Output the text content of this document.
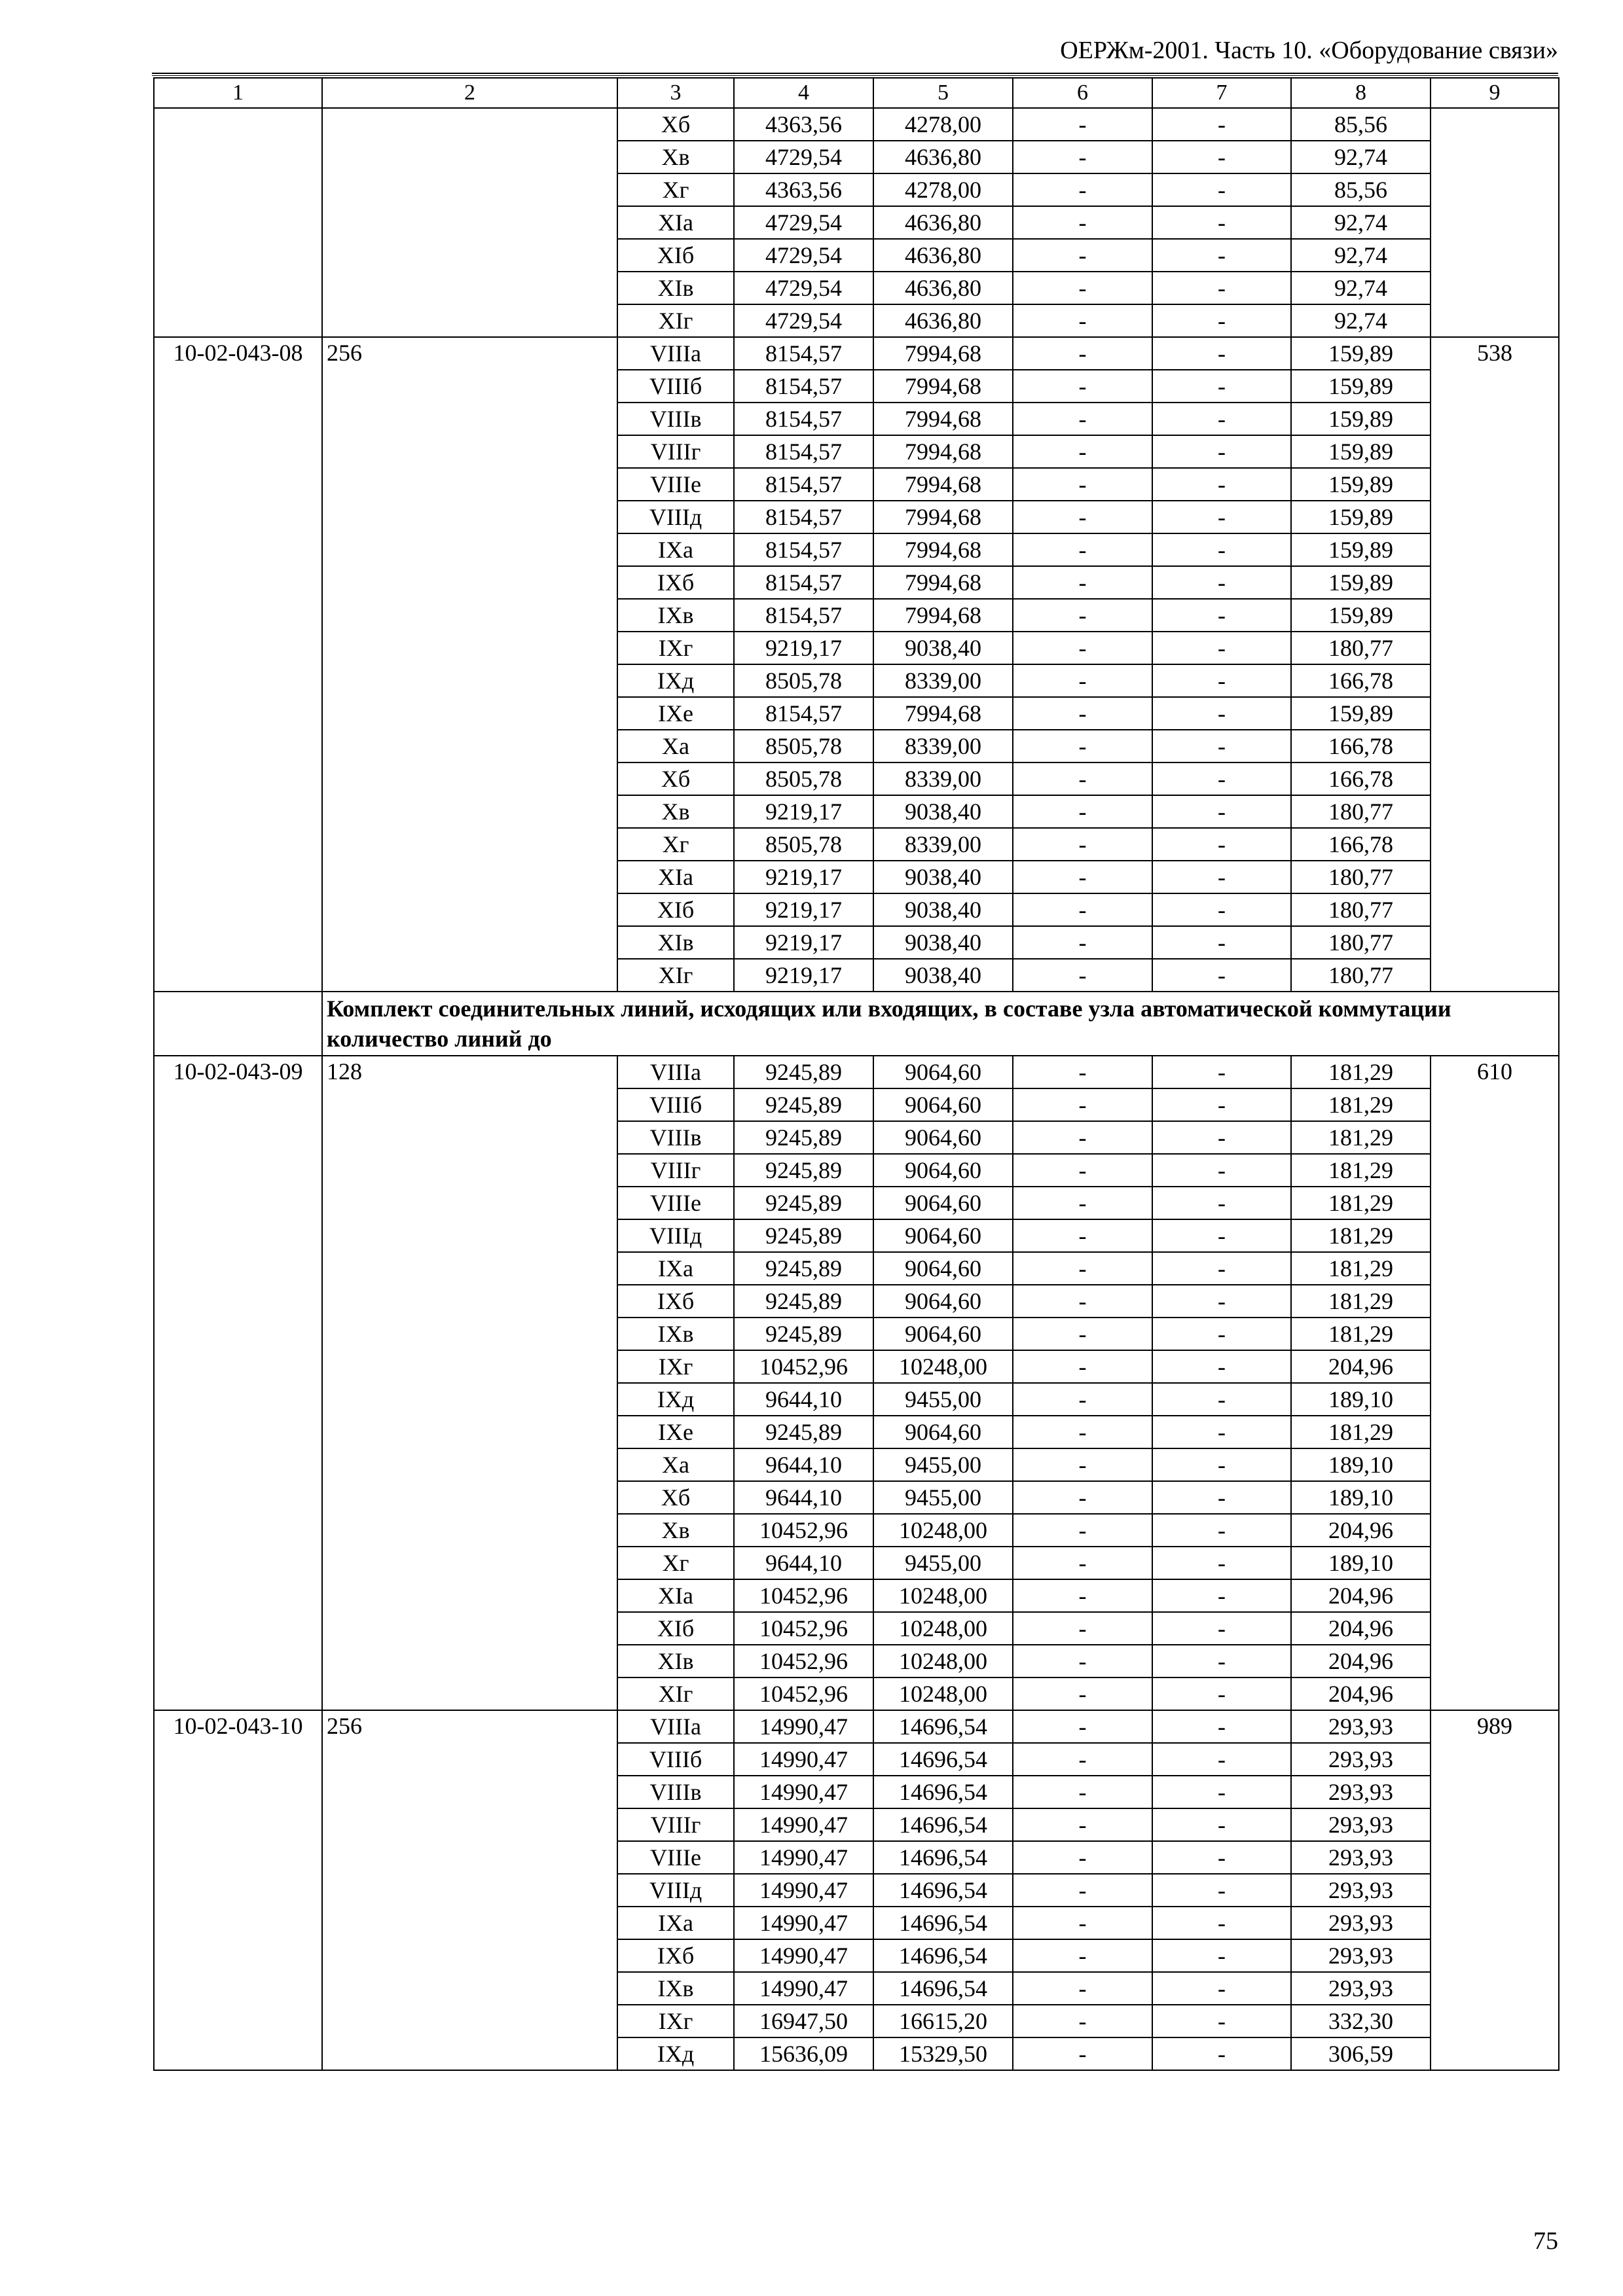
ОЕРЖм-2001. Часть 10. «Оборудование связи»
1	2	3	4	5	6	7	8	9
		Xб	4363,56	4278,00	-	-	85,56	
		Xв	4729,54	4636,80	-	-	92,74	
		Xг	4363,56	4278,00	-	-	85,56	
		XIа	4729,54	4636,80	-	-	92,74	
		XIб	4729,54	4636,80	-	-	92,74	
		XIв	4729,54	4636,80	-	-	92,74	
		XIг	4729,54	4636,80	-	-	92,74	
10-02-043-08	256	VIIIа	8154,57	7994,68	-	-	159,89	538
		VIIIб	8154,57	7994,68	-	-	159,89	
		VIIIв	8154,57	7994,68	-	-	159,89	
		VIIIг	8154,57	7994,68	-	-	159,89	
		VIIIе	8154,57	7994,68	-	-	159,89	
		VIIIд	8154,57	7994,68	-	-	159,89	
		IXа	8154,57	7994,68	-	-	159,89	
		IXб	8154,57	7994,68	-	-	159,89	
		IXв	8154,57	7994,68	-	-	159,89	
		IXг	9219,17	9038,40	-	-	180,77	
		IXд	8505,78	8339,00	-	-	166,78	
		IXе	8154,57	7994,68	-	-	159,89	
		Xа	8505,78	8339,00	-	-	166,78	
		Xб	8505,78	8339,00	-	-	166,78	
		Xв	9219,17	9038,40	-	-	180,77	
		Xг	8505,78	8339,00	-	-	166,78	
		XIа	9219,17	9038,40	-	-	180,77	
		XIб	9219,17	9038,40	-	-	180,77	
		XIв	9219,17	9038,40	-	-	180,77	
		XIг	9219,17	9038,40	-	-	180,77	
	Комплект соединительных линий, исходящих или входящих, в составе узла автоматической коммутации количество линий до							
10-02-043-09	128	VIIIа	9245,89	9064,60	-	-	181,29	610
		VIIIб	9245,89	9064,60	-	-	181,29	
		VIIIв	9245,89	9064,60	-	-	181,29	
		VIIIг	9245,89	9064,60	-	-	181,29	
		VIIIе	9245,89	9064,60	-	-	181,29	
		VIIIд	9245,89	9064,60	-	-	181,29	
		IXа	9245,89	9064,60	-	-	181,29	
		IXб	9245,89	9064,60	-	-	181,29	
		IXв	9245,89	9064,60	-	-	181,29	
		IXг	10452,96	10248,00	-	-	204,96	
		IXд	9644,10	9455,00	-	-	189,10	
		IXе	9245,89	9064,60	-	-	181,29	
		Xа	9644,10	9455,00	-	-	189,10	
		Xб	9644,10	9455,00	-	-	189,10	
		Xв	10452,96	10248,00	-	-	204,96	
		Xг	9644,10	9455,00	-	-	189,10	
		XIа	10452,96	10248,00	-	-	204,96	
		XIб	10452,96	10248,00	-	-	204,96	
		XIв	10452,96	10248,00	-	-	204,96	
		XIг	10452,96	10248,00	-	-	204,96	
10-02-043-10	256	VIIIа	14990,47	14696,54	-	-	293,93	989
		VIIIб	14990,47	14696,54	-	-	293,93	
		VIIIв	14990,47	14696,54	-	-	293,93	
		VIIIг	14990,47	14696,54	-	-	293,93	
		VIIIе	14990,47	14696,54	-	-	293,93	
		VIIIд	14990,47	14696,54	-	-	293,93	
		IXа	14990,47	14696,54	-	-	293,93	
		IXб	14990,47	14696,54	-	-	293,93	
		IXв	14990,47	14696,54	-	-	293,93	
		IXг	16947,50	16615,20	-	-	332,30	
		IXд	15636,09	15329,50	-	-	306,59	
75
